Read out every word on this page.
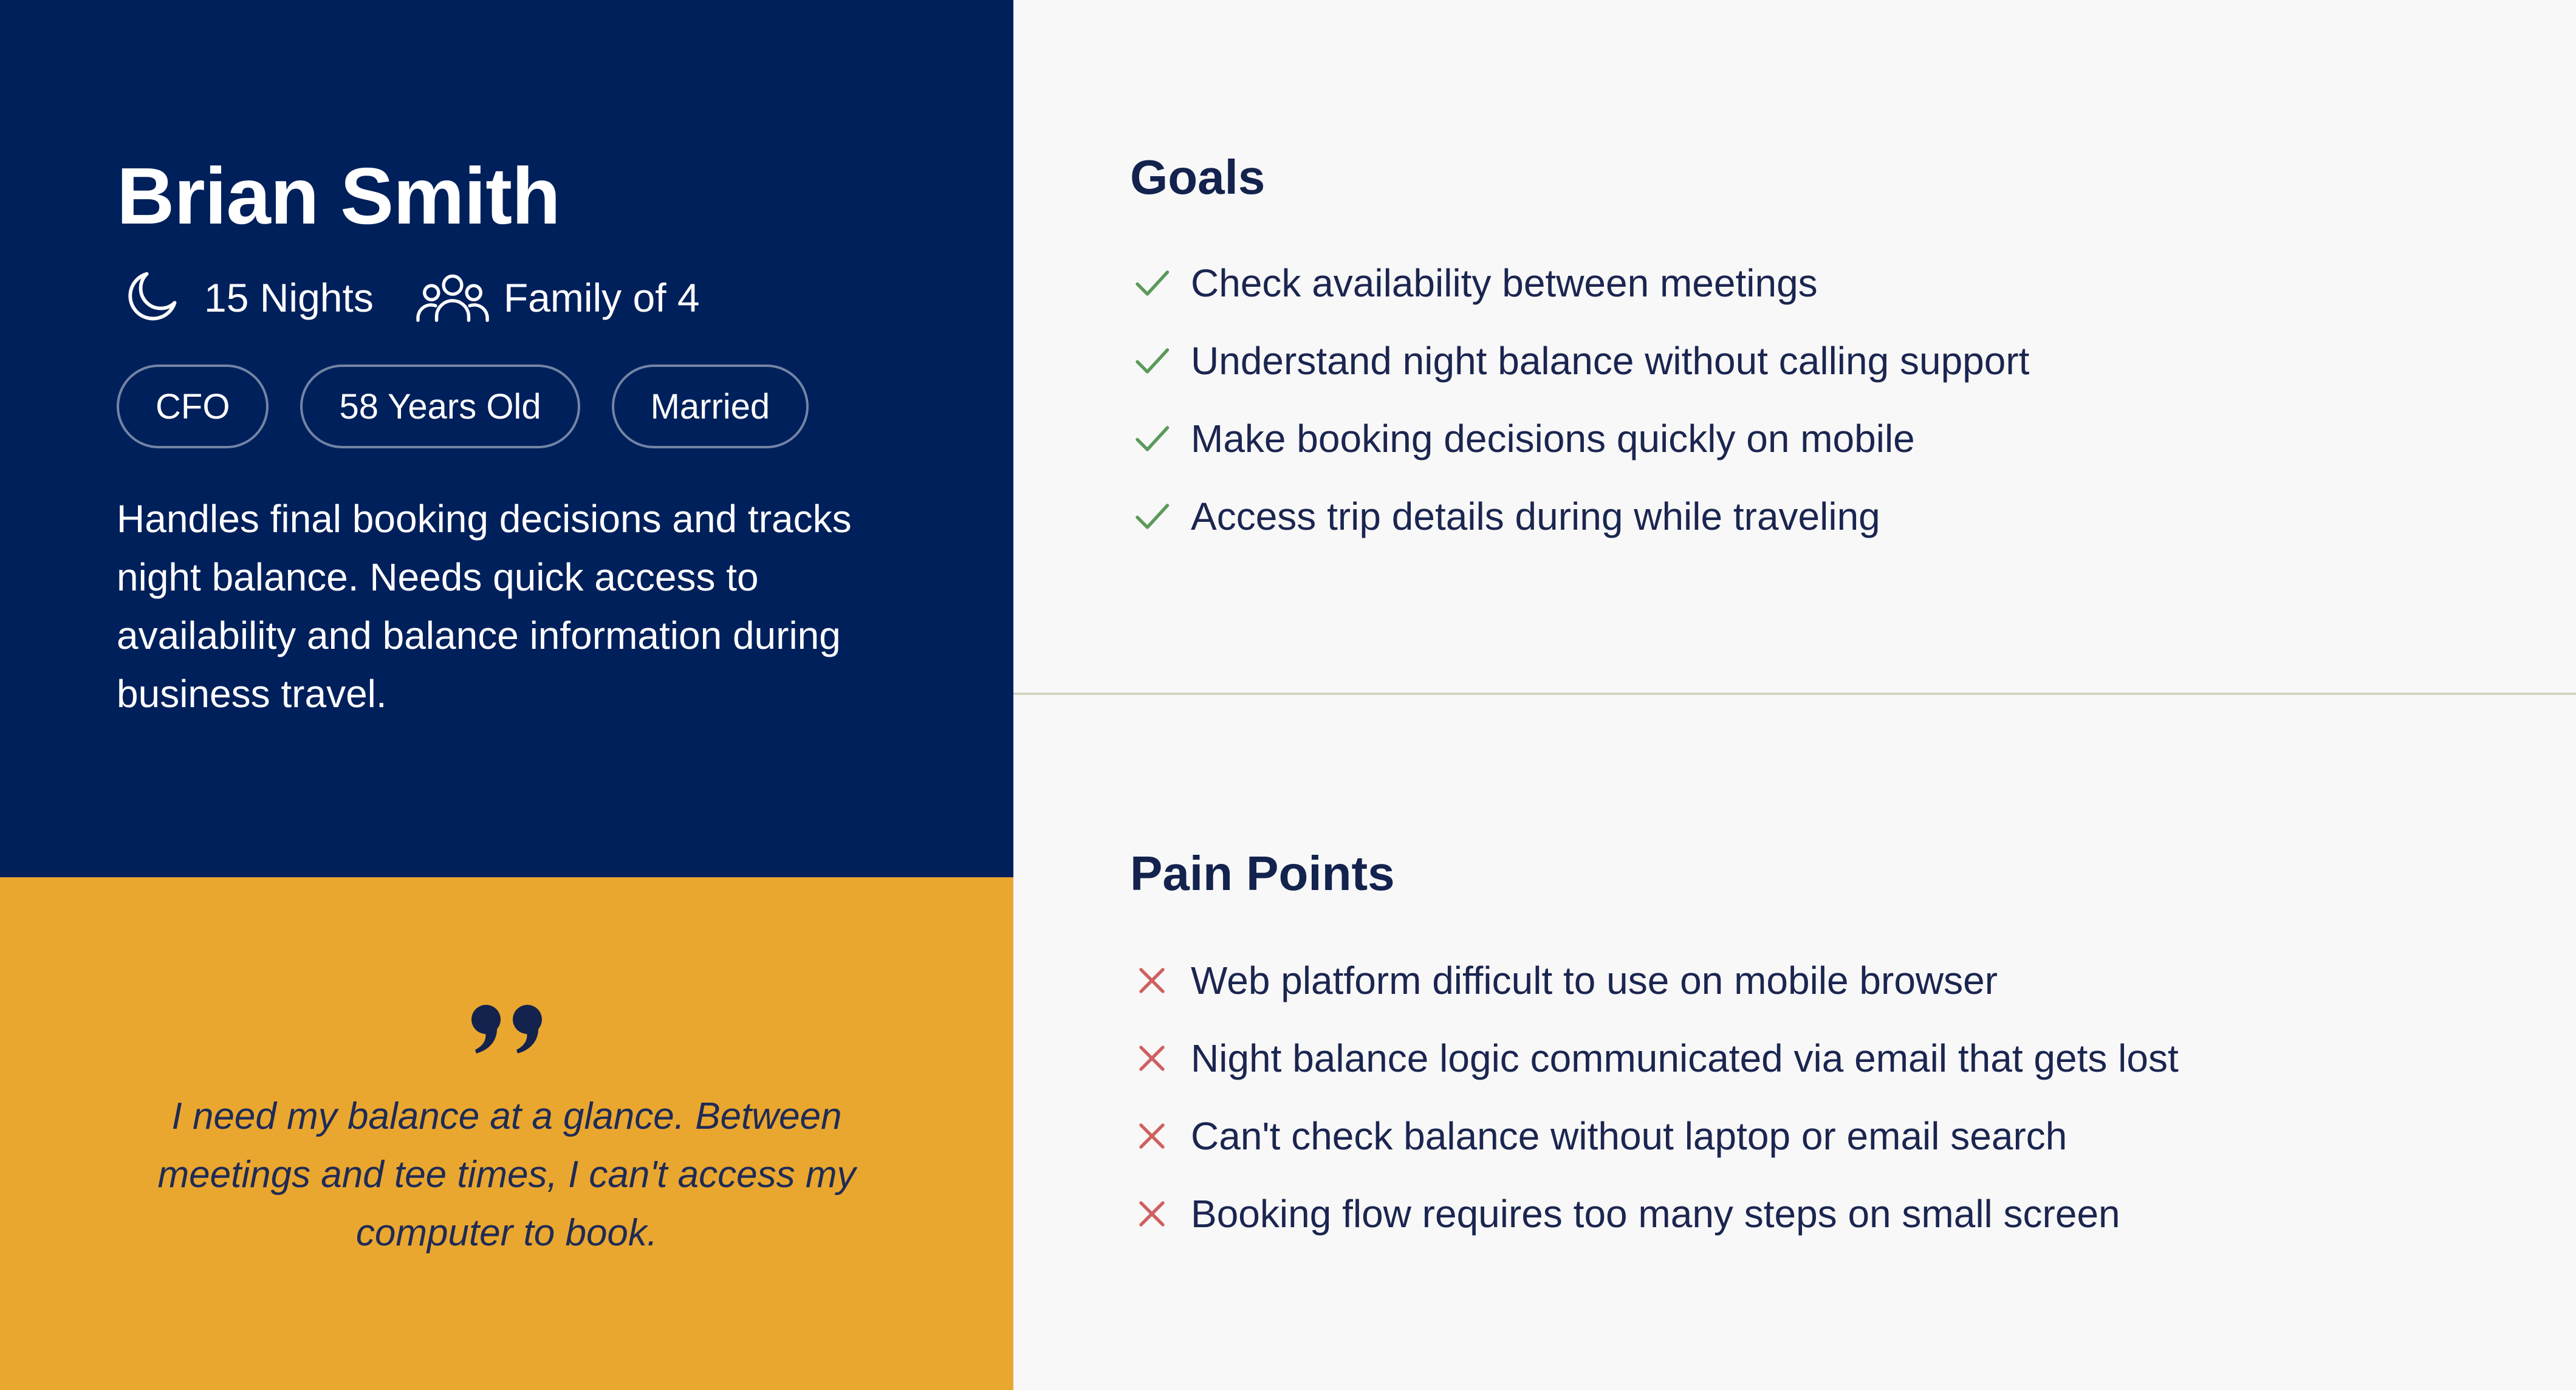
Brian Smith
15 Nights	Family of 4
CFO	58 Years Old	Married

Handles final booking decisions and tracks night balance. Needs quick access to availability and balance information during business travel.

I need my balance at a glance. Between meetings and tee times, I can't access my computer to book.

Goals
Check availability between meetings
Understand night balance without calling support
Make booking decisions quickly on mobile
Access trip details during while traveling
Pain Points
Web platform difficult to use on mobile browser
Night balance logic communicated via email that gets lost
Can't check balance without laptop or email search
Booking flow requires too many steps on small screen
